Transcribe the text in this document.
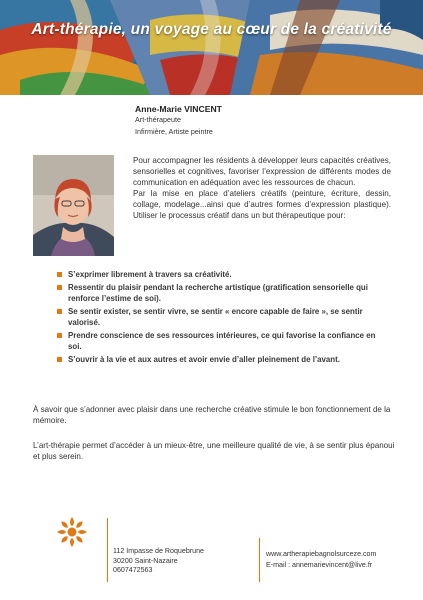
Art-thérapie, un voyage au cœur de la créativité
Anne-Marie VINCENT
Art-thérapeute
Infirmière, Artiste peintre

Pour accompagner les résidents à développer leurs capacités créatives, sensorielles et cognitives, favoriser l’expression de différents modes de communication en adéquation avec les ressources de chacun.

Par la mise en place d’ateliers créatifs (peinture, écriture, dessin, collage, modelage...ainsi que d’autres formes d’expression plastique). Utiliser le processus créatif dans un but thérapeutique pour:

S’exprimer librement à travers sa créativité.
Ressentir du plaisir pendant la recherche artistique (gratification sensorielle qui renforce l’estime de soi).
Se sentir exister, se sentir vivre, se sentir « encore capable de faire », se sentir valorisé.
Prendre conscience de ses ressources intérieures, ce qui favorise la confiance en soi.
S’ouvrir à la vie et aux autres et avoir envie d’aller pleinement de l’avant.

À savoir que s’adonner avec plaisir dans une recherche créative stimule le bon fonctionnement de la mémoire.

L’art-thérapie permet d’accéder à un mieux-être, une meilleure qualité de vie, à se sentir plus épanoui et plus serein.

112 Impasse de Roquebrune
30200 Saint-Nazaire
0607472563
www.artherapiebagnolsurceze.com
E-mail : annemarievincent@live.fr
